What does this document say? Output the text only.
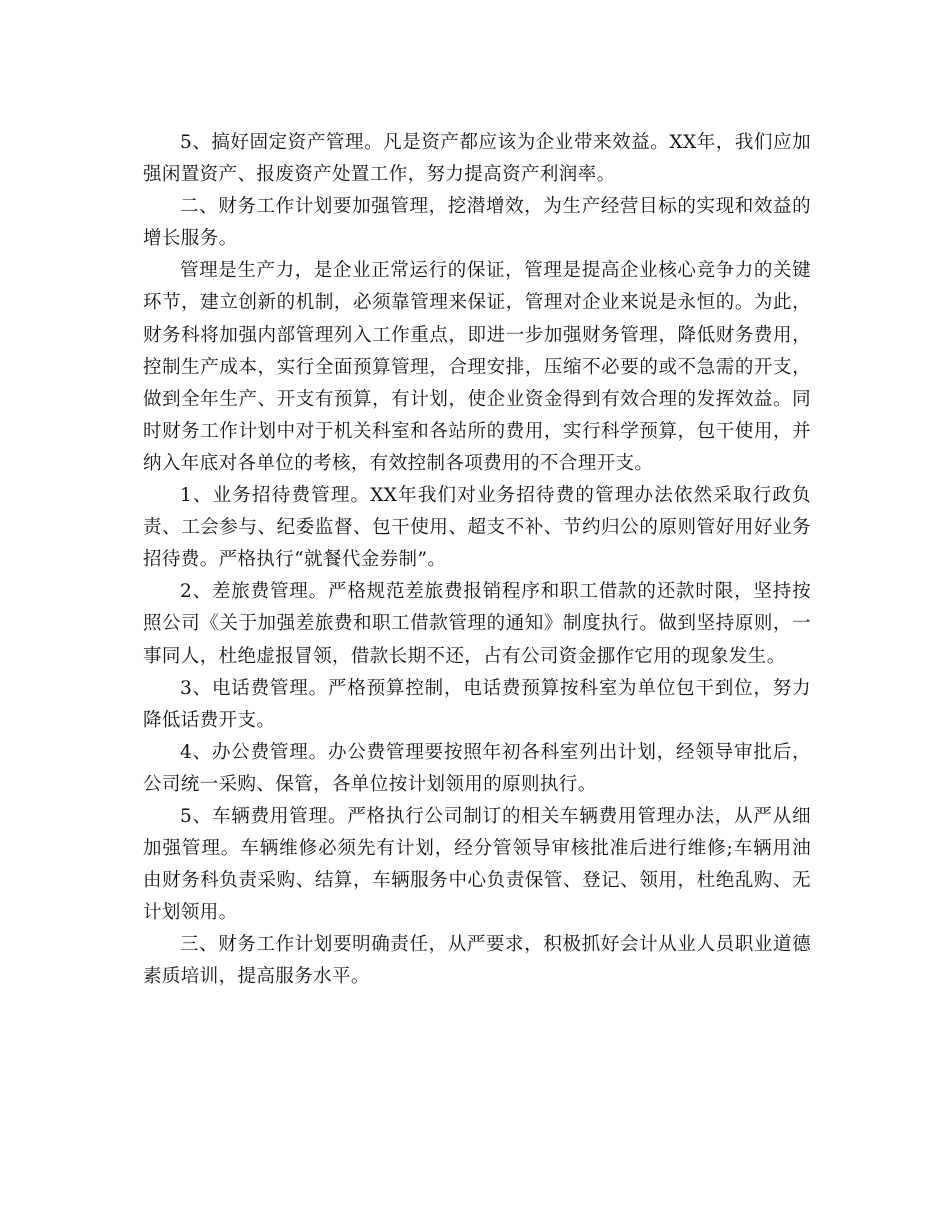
5、搞好固定资产管理。凡是资产都应该为企业带来效益。XX年，我们应加强闲置资产、报废资产处置工作，努力提高资产利润率。

二、财务工作计划要加强管理，挖潜增效，为生产经营目标的实现和效益的增长服务。

管理是生产力，是企业正常运行的保证，管理是提高企业核心竞争力的关键环节，建立创新的机制，必须靠管理来保证，管理对企业来说是永恒的。为此，财务科将加强内部管理列入工作重点，即进一步加强财务管理，降低财务费用，控制生产成本，实行全面预算管理，合理安排，压缩不必要的或不急需的开支，做到全年生产、开支有预算，有计划，使企业资金得到有效合理的发挥效益。同时财务工作计划中对于机关科室和各站所的费用，实行科学预算，包干使用，并纳入年底对各单位的考核，有效控制各项费用的不合理开支。

1、业务招待费管理。XX年我们对业务招待费的管理办法依然采取行政负责、工会参与、纪委监督、包干使用、超支不补、节约归公的原则管好用好业务招待费。严格执行“就餐代金券制”。

2、差旅费管理。严格规范差旅费报销程序和职工借款的还款时限，坚持按照公司《关于加强差旅费和职工借款管理的通知》制度执行。做到坚持原则，一事同人，杜绝虚报冒领，借款长期不还，占有公司资金挪作它用的现象发生。

3、电话费管理。严格预算控制，电话费预算按科室为单位包干到位，努力降低话费开支。

4、办公费管理。办公费管理要按照年初各科室列出计划，经领导审批后，公司统一采购、保管，各单位按计划领用的原则执行。

5、车辆费用管理。严格执行公司制订的相关车辆费用管理办法，从严从细加强管理。车辆维修必须先有计划，经分管领导审核批准后进行维修;车辆用油由财务科负责采购、结算，车辆服务中心负责保管、登记、领用，杜绝乱购、无计划领用。

三、财务工作计划要明确责任，从严要求，积极抓好会计从业人员职业道德素质培训，提高服务水平。
